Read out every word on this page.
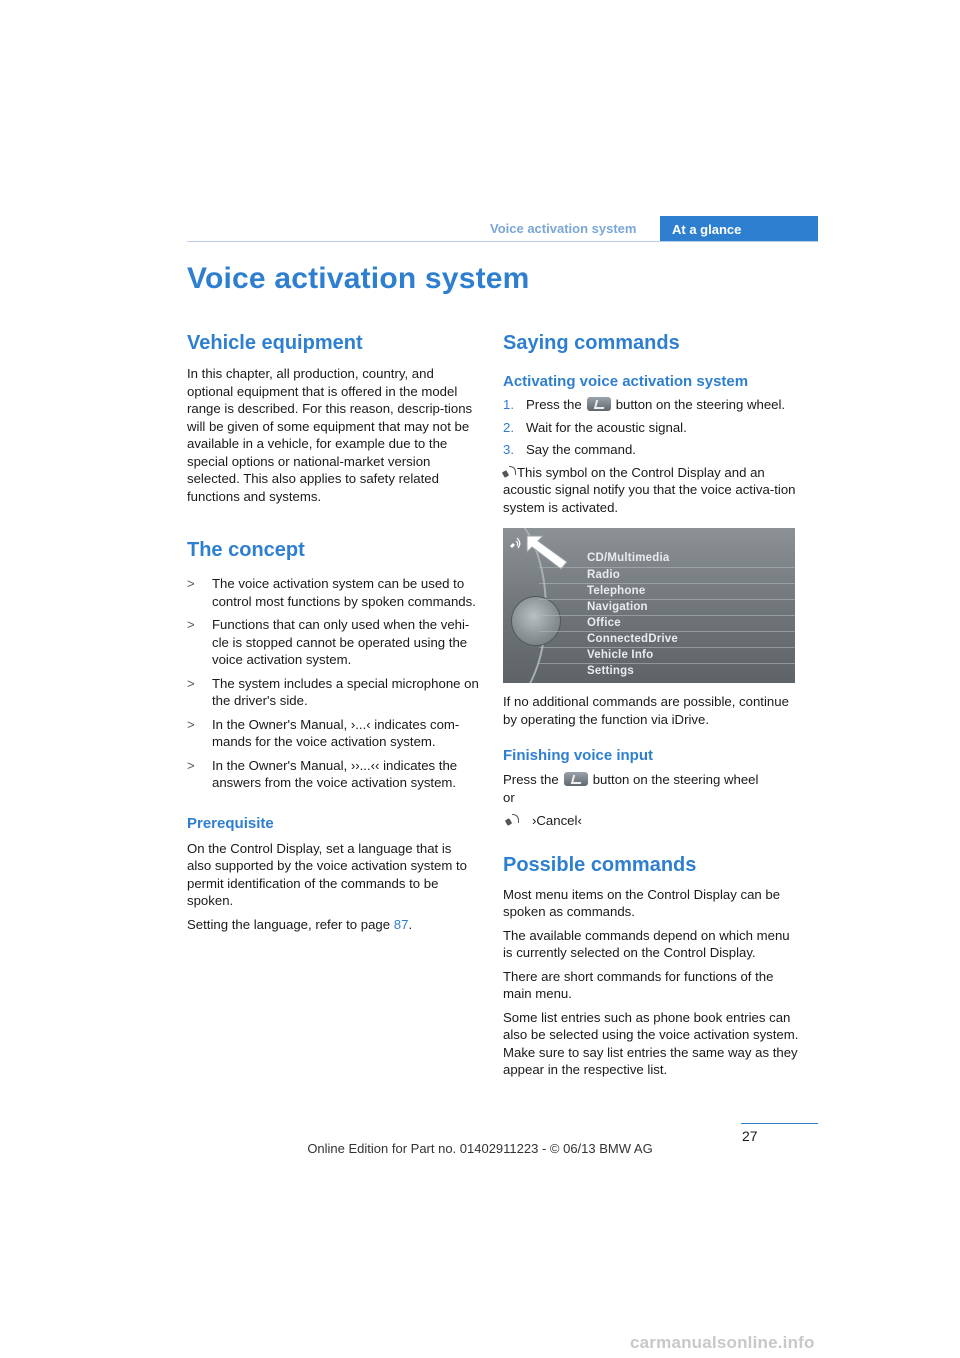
Voice activation system	At a glance
Voice activation system
Vehicle equipment

In this chapter, all production, country, and optional equipment that is offered in the model range is described. For this reason, descrip-tions will be given of some equipment that may not be available in a vehicle, for example due to the special options or national-market version selected. This also applies to safety related functions and systems.

The concept
> The voice activation system can be used to control most functions by spoken commands.
> Functions that can only used when the vehi-cle is stopped cannot be operated using the voice activation system.
> The system includes a special microphone on the driver's side.
> In the Owner's Manual, ›...‹ indicates com-mands for the voice activation system.
> In the Owner's Manual, ››...‹‹ indicates the answers from the voice activation system.
Prerequisite

On the Control Display, set a language that is also supported by the voice activation system to permit identification of the commands to be spoken.

Setting the language, refer to page 87.

Saying commands
Activating voice activation system
1. Press the	button on the steering wheel.
2. Wait for the acoustic signal.
3. Say the command.

This symbol on the Control Display and an acoustic signal notify you that the voice activa-tion system is activated.

CD/Multimedia
Radio
Telephone
Navigation
Office
ConnectedDrive
Vehicle Info
Settings

If no additional commands are possible, continue by operating the function via iDrive.

Finishing voice input

Press the	button on the steering wheel

or

›Cancel‹

Possible commands

Most menu items on the Control Display can be spoken as commands.

The available commands depend on which menu is currently selected on the Control Display.

There are short commands for functions of the main menu.

Some list entries such as phone book entries can also be selected using the voice activation system. Make sure to say list entries the same way as they appear in the respective list.

27
Online Edition for Part no. 01402911223 - © 06/13 BMW AG
carmanualsonline.info
